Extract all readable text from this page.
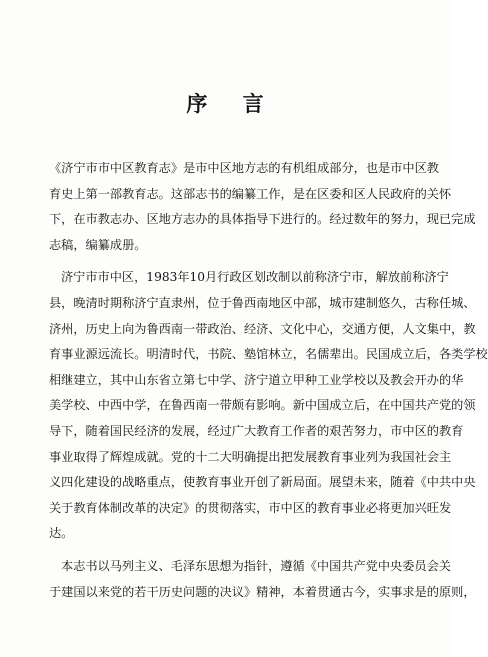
序 言

《济宁市市中区教育志》是市中区地方志的有机组成部分，也是市中区教
育史上第一部教育志。这部志书的编纂工作，是在区委和区人民政府的关怀
下，在市教志办、区地方志办的具体指导下进行的。经过数年的努力，现已完成
志稿，编纂成册。

济宁市市中区，1983年10月行政区划改制以前称济宁市，解放前称济宁
县，晚清时期称济宁直隶州，位于鲁西南地区中部，城市建制悠久，古称任城、
济州，历史上向为鲁西南一带政治、经济、文化中心，交通方便，人文集中，教
育事业源远流长。明清时代，书院、塾馆林立，名儒辈出。民国成立后，各类学校
相继建立，其中山东省立第七中学、济宁道立甲种工业学校以及教会开办的华
美学校、中西中学，在鲁西南一带颇有影响。新中国成立后，在中国共产党的领
导下，随着国民经济的发展，经过广大教育工作者的艰苦努力，市中区的教育
事业取得了辉煌成就。党的十二大明确提出把发展教育事业列为我国社会主
义四化建设的战略重点，使教育事业开创了新局面。展望未来，随着《中共中央
关于教育体制改革的决定》的贯彻落实，市中区的教育事业必将更加兴旺发
达。

本志书以马列主义、毛泽东思想为指针，遵循《中国共产党中央委员会关
于建国以来党的若干历史问题的决议》精神，本着贯通古今，实事求是的原则，
